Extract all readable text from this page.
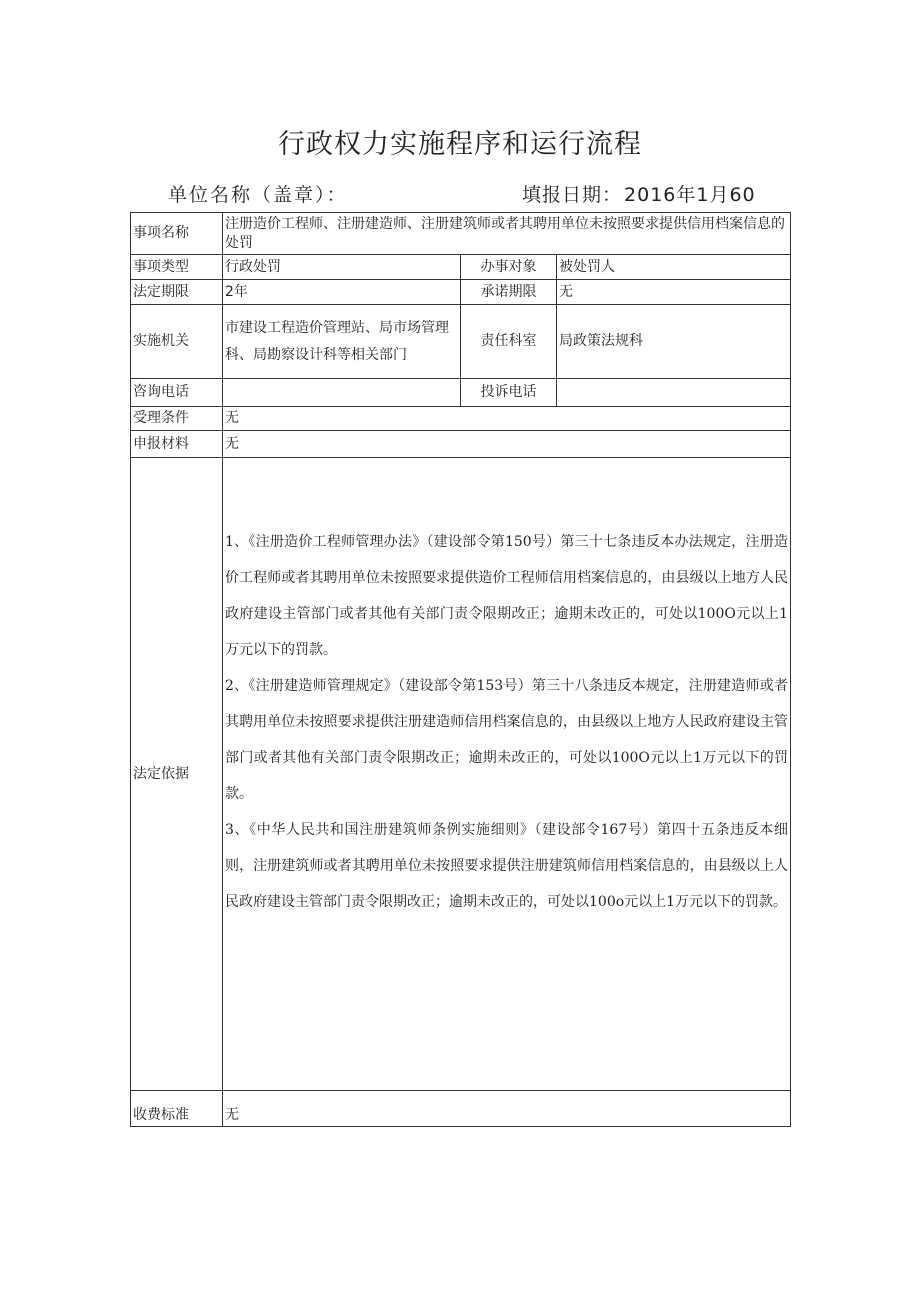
行政权力实施程序和运行流程
单位名称（盖章）：	填报日期： 2016年1月60
事项名称	注册造价工程师、注册建造师、注册建筑师或者其聘用单位未按照要求提供信用档案信息的处罚		
事项类型	行政处罚	办事对象	被处罚人
法定期限	2年	承诺期限	无
实施机关	市建设工程造价管理站、局市场管理科、局勘察设计科等相关部门	责任科室	局政策法规科
咨询电话		投诉电话	
受理条件	无		
申报材料	无		
法定依据	1、《注册造价工程师管理办法》（建设部令第150号）第三十七条违反本办法规定，注册造价工程师或者其聘用单位未按照要求提供造价工程师信用档案信息的，由县级以上地方人民政府建设主管部门或者其他有关部门责令限期改正；逾期未改正的，可处以100O元以上1万元以下的罚款。
2、《注册建造师管理规定》（建设部令第153号）第三十八条违反本规定，注册建造师或者其聘用单位未按照要求提供注册建造师信用档案信息的，由县级以上地方人民政府建设主管部门或者其他有关部门责令限期改正；逾期未改正的，可处以100O元以上1万元以下的罚款。
3、《中华人民共和国注册建筑师条例实施细则》（建设部令167号）第四十五条违反本细则，注册建筑师或者其聘用单位未按照要求提供注册建筑师信用档案信息的，由县级以上人民政府建设主管部门责令限期改正；逾期未改正的，可处以100o元以上1万元以下的罚款。		

收费标准	无		
